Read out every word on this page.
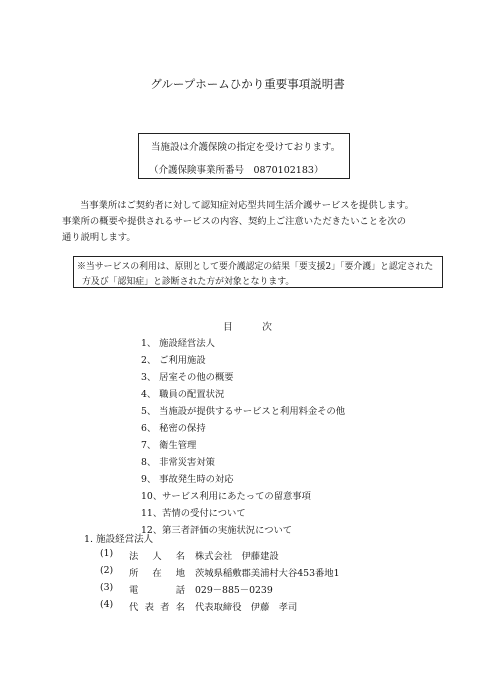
グループホームひかり重要事項説明書
当施設は介護保険の指定を受けております。
（介護保険事業所番号　0870102183）
当事業所はご契約者に対して認知症対応型共同生活介護サービスを提供します。
事業所の概要や提供されるサービスの内容、契約上ご注意いただきたいことを次の
通り説明します。
※当サービスの利用は、原則として要介護認定の結果「要支援2」「要介護」と認定された
方及び「認知症」と診断された方が対象となります。
目　　　次
1、 施設経営法人
2、 ご利用施設
3、 居室その他の概要
4、 職員の配置状況
5、 当施設が提供するサービスと利用料金その他
6、 秘密の保持
7、 衛生管理
8、 非常災害対策
9、 事故発生時の対応
10、サービス利用にあたっての留意事項
11、苦情の受付について
12、第三者評価の実施状況について
1. 施設経営法人
(1) 法 人 名 株式会社　伊藤建設
(2) 所 在 地 茨城県稲敷郡美浦村大谷453番地1
(3) 電	話 029－885－0239
(4) 代 表 者 名 代表取締役　伊藤　孝司
